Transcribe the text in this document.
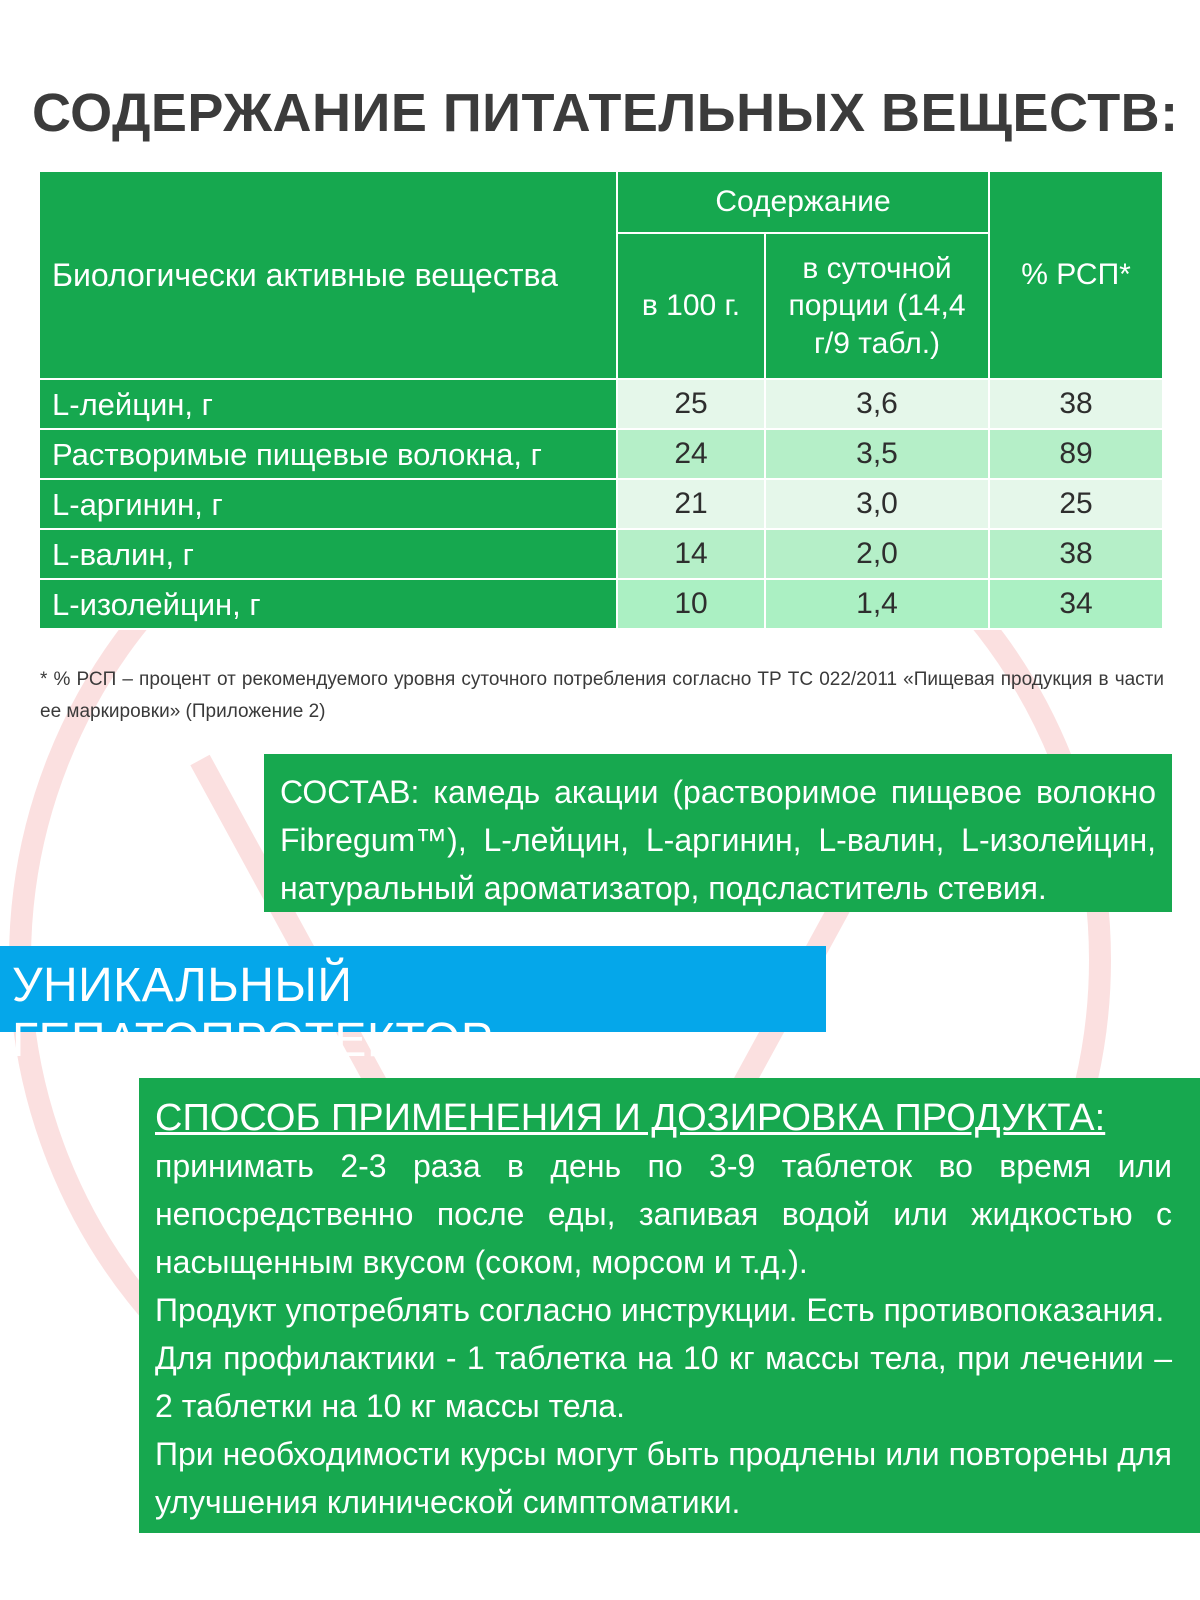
СОДЕРЖАНИЕ ПИТАТЕЛЬНЫХ ВЕЩЕСТВ:
Биологически активные вещества	Содержание		% РСП*
	в 100 г.	в суточной порции (14,4 г/9 табл.)	
L-лейцин, г	25	3,6	38
Растворимые пищевые волокна, г	24	3,5	89
L-аргинин, г	21	3,0	25
L-валин, г	14	2,0	38
L-изолейцин, г	10	1,4	34

* % РСП – процент от рекомендуемого уровня суточного потребления согласно ТР ТС 022/2011 «Пищевая продукция в части ее маркировки» (Приложение 2)

СОСТАВ: камедь акации (растворимое пищевое волокно Fibregum™), L-лейцин, L-аргинин, L-валин, L-изолейцин, натуральный ароматизатор, подсластитель стевия.

УНИКАЛЬНЫЙ ГЕПАТОПРОТЕКТОР
СПОСОБ ПРИМЕНЕНИЯ И ДОЗИРОВКА ПРОДУКТА:

принимать 2-3 раза в день по 3-9 таблеток во время или непосредственно после еды, запивая водой или жидкостью с насыщенным вкусом (соком, морсом и т.д.).

Продукт употреблять согласно инструкции. Есть противопоказания.

Для профилактики - 1 таблетка на 10 кг массы тела, при лечении – 2 таблетки на 10 кг массы тела.

При необходимости курсы могут быть продлены или повторены для улучшения клинической симптоматики.
